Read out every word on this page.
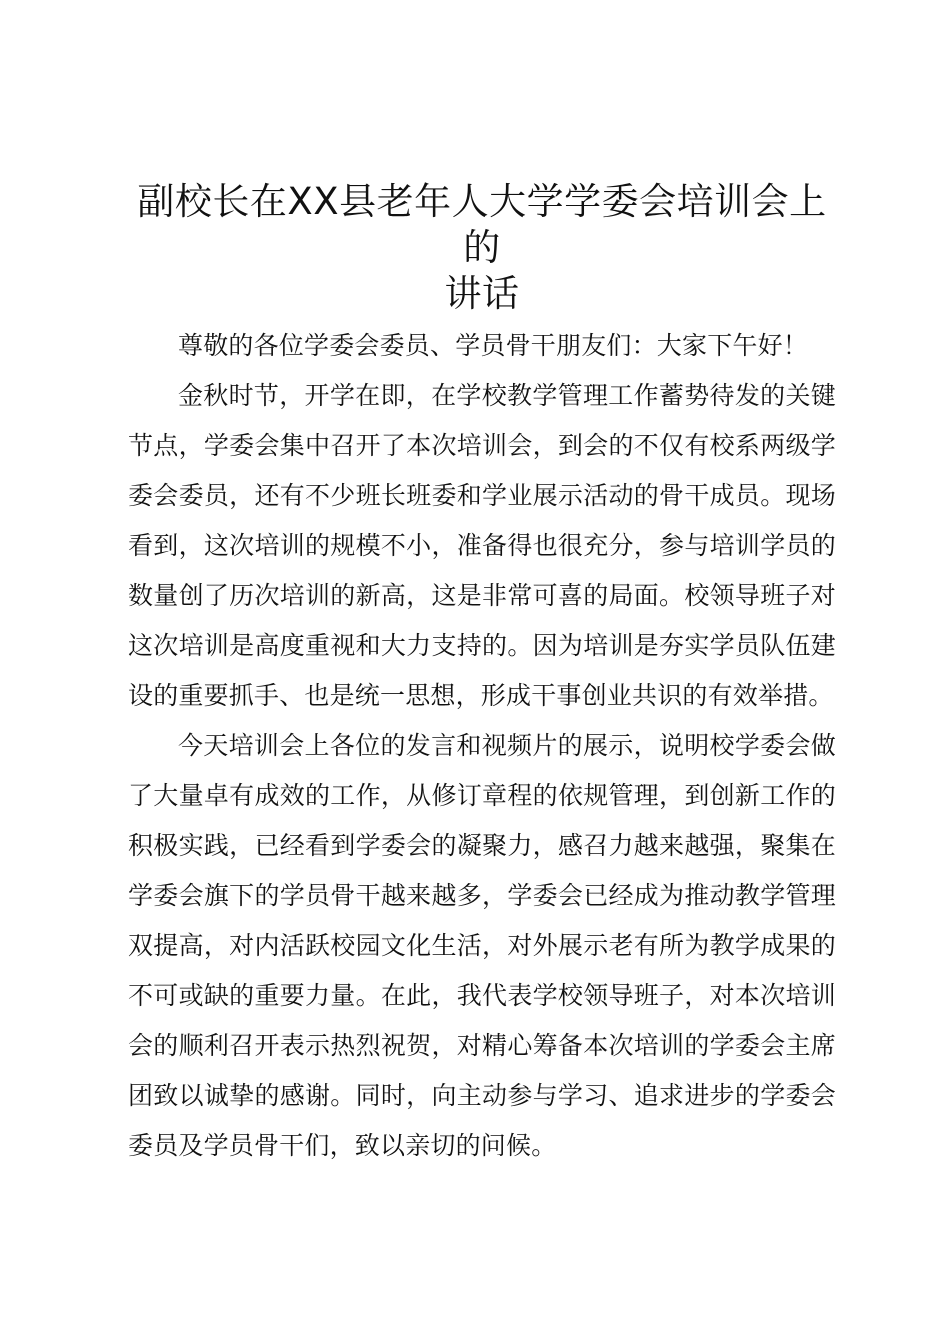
副校长在XX县老年人大学学委会培训会上的
讲话

尊敬的各位学委会委员、学员骨干朋友们：大家下午好！

金秋时节，开学在即，在学校教学管理工作蓄势待发的关键节点，学委会集中召开了本次培训会，到会的不仅有校系两级学委会委员，还有不少班长班委和学业展示活动的骨干成员。现场看到，这次培训的规模不小，准备得也很充分，参与培训学员的数量创了历次培训的新高，这是非常可喜的局面。校领导班子对这次培训是高度重视和大力支持的。因为培训是夯实学员队伍建设的重要抓手、也是统一思想，形成干事创业共识的有效举措。

今天培训会上各位的发言和视频片的展示，说明校学委会做了大量卓有成效的工作，从修订章程的依规管理，到创新工作的积极实践，已经看到学委会的凝聚力，感召力越来越强，聚集在学委会旗下的学员骨干越来越多，学委会已经成为推动教学管理双提高，对内活跃校园文化生活，对外展示老有所为教学成果的不可或缺的重要力量。在此，我代表学校领导班子，对本次培训会的顺利召开表示热烈祝贺，对精心筹备本次培训的学委会主席团致以诚挚的感谢。同时，向主动参与学习、追求进步的学委会委员及学员骨干们，致以亲切的问候。
